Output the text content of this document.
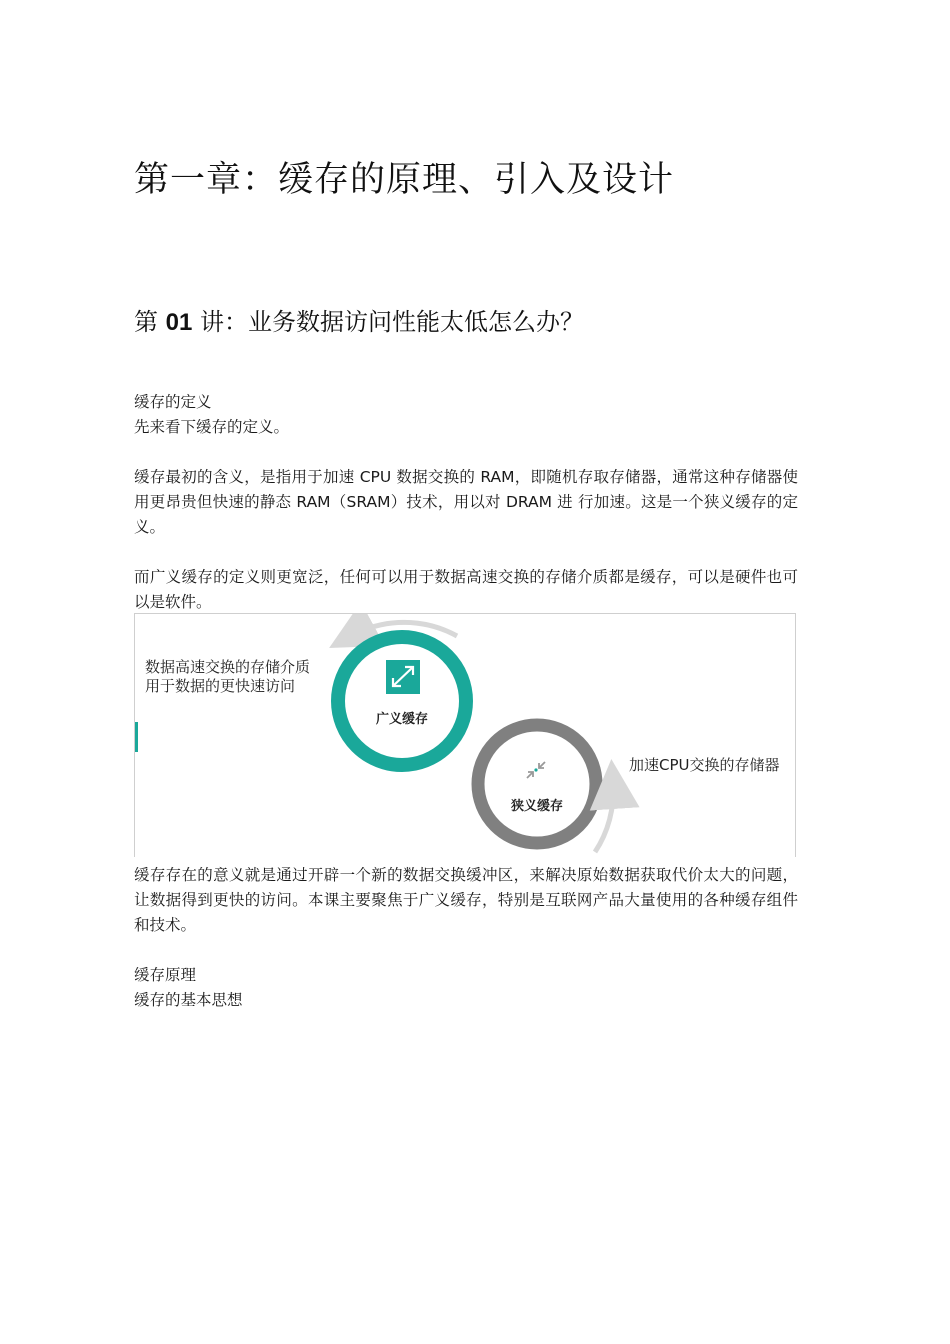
第一章：缓存的原理、引入及设计
第 01 讲：业务数据访问性能太低怎么办？

缓存的定义

先来看下缓存的定义。

缓存最初的含义，是指用于加速 CPU 数据交换的 RAM，即随机存取存储器，通常这种存储器使用更昂贵但快速的静态 RAM（SRAM）技术，用以对 DRAM 进 行加速。这是一个狭义缓存的定义。

而广义缓存的定义则更宽泛，任何可以用于数据高速交换的存储介质都是缓存，可以是硬件也可以是软件。

广义缓存
狭义缓存
数据高速交换的存储介质
用于数据的更快速访问
加速CPU交换的存储器

缓存存在的意义就是通过开辟一个新的数据交换缓冲区，来解决原始数据获取代价太大的问题，让数据得到更快的访问。本课主要聚焦于广义缓存，特别是互联网产品大量使用的各种缓存组件和技术。

缓存原理

缓存的基本思想
